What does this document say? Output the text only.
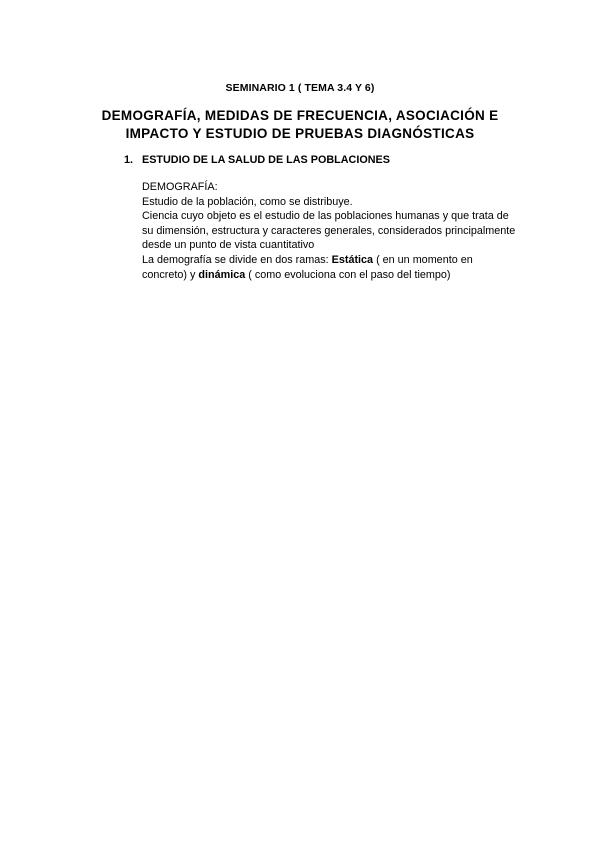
SEMINARIO 1 ( TEMA 3.4 Y 6)
DEMOGRAFÍA, MEDIDAS DE FRECUENCIA, ASOCIACIÓN E
IMPACTO Y ESTUDIO DE PRUEBAS DIAGNÓSTICAS
1. ESTUDIO DE LA SALUD DE LAS POBLACIONES

DEMOGRAFÍA:

Estudio de la población, como se distribuye.

Ciencia cuyo objeto es el estudio de las poblaciones humanas y que trata de

su dimensión, estructura y caracteres generales, considerados principalmente

desde un punto de vista cuantitativo

La demografía se divide en dos ramas: Estática ( en un momento en

concreto) y dinámica ( como evoluciona con el paso del tiempo)
